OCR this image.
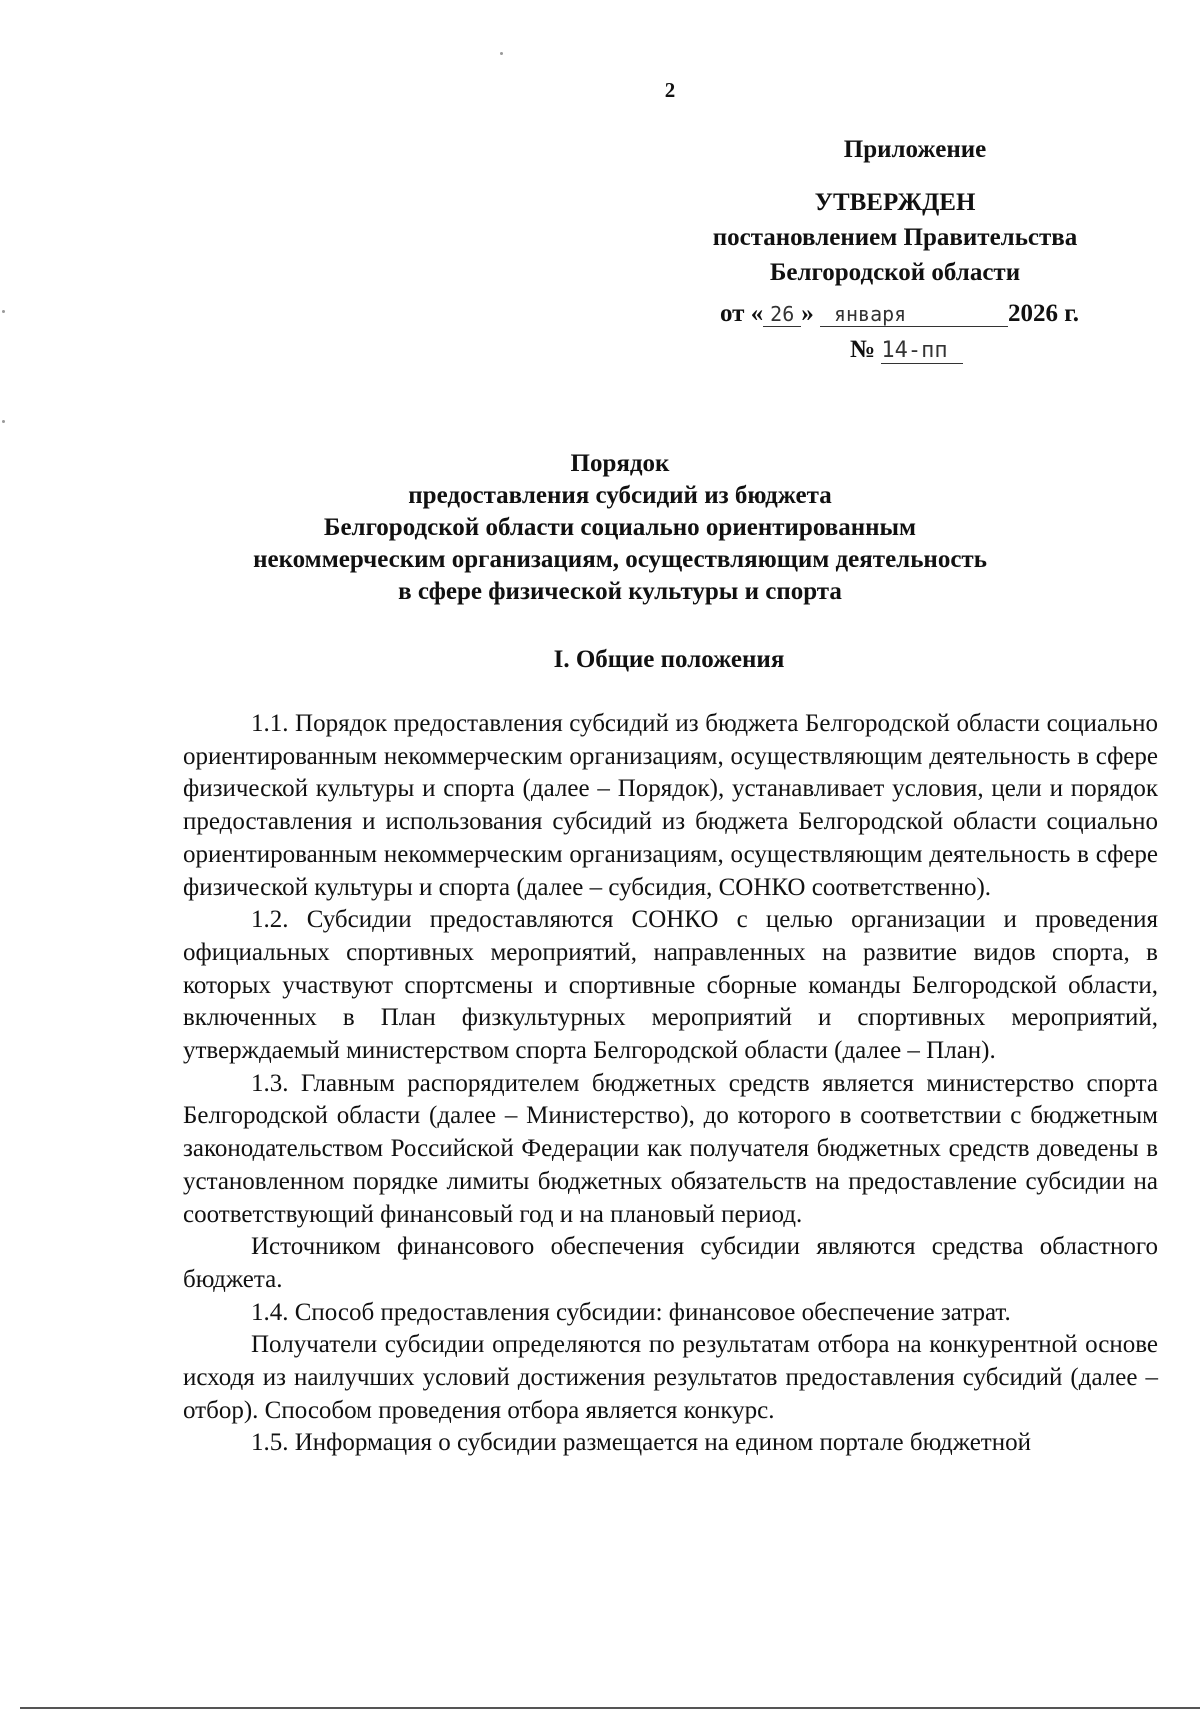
2
Приложение
УТВЕРЖДЕН
постановлением Правительства
Белгородской области
от « 26 » января	2026 г.
№ 14-пп
Порядок
предоставления субсидий из бюджета
Белгородской области социально ориентированным
некоммерческим организациям, осуществляющим деятельность
в сфере физической культуры и спорта
I. Общие положения

1.1. Порядок предоставления субсидий из бюджета Белгородской области социально ориентированным некоммерческим организациям, осуществляющим деятельность в сфере физической культуры и спорта (далее – Порядок), устанавливает условия, цели и порядок предоставления и использования субсидий из бюджета Белгородской области социально ориентированным некоммерческим организациям, осуществляющим деятельность в сфере физической культуры и спорта (далее – субсидия, СОНКО соответственно).

1.2. Субсидии предоставляются СОНКО с целью организации и проведения официальных спортивных мероприятий, направленных на развитие видов спорта, в которых участвуют спортсмены и спортивные сборные команды Белгородской области, включенных в План физкультурных мероприятий и спортивных мероприятий, утверждаемый министерством спорта Белгородской области (далее – План).

1.3. Главным распорядителем бюджетных средств является министерство спорта Белгородской области (далее – Министерство), до которого в соответствии с бюджетным законодательством Российской Федерации как получателя бюджетных средств доведены в установленном порядке лимиты бюджетных обязательств на предоставление субсидии на соответствующий финансовый год и на плановый период.

Источником финансового обеспечения субсидии являются средства областного бюджета.

1.4. Способ предоставления субсидии: финансовое обеспечение затрат.

Получатели субсидии определяются по результатам отбора на конкурентной основе исходя из наилучших условий достижения результатов предоставления субсидий (далее – отбор). Способом проведения отбора является конкурс.

1.5. Информация о субсидии размещается на едином портале бюджетной
